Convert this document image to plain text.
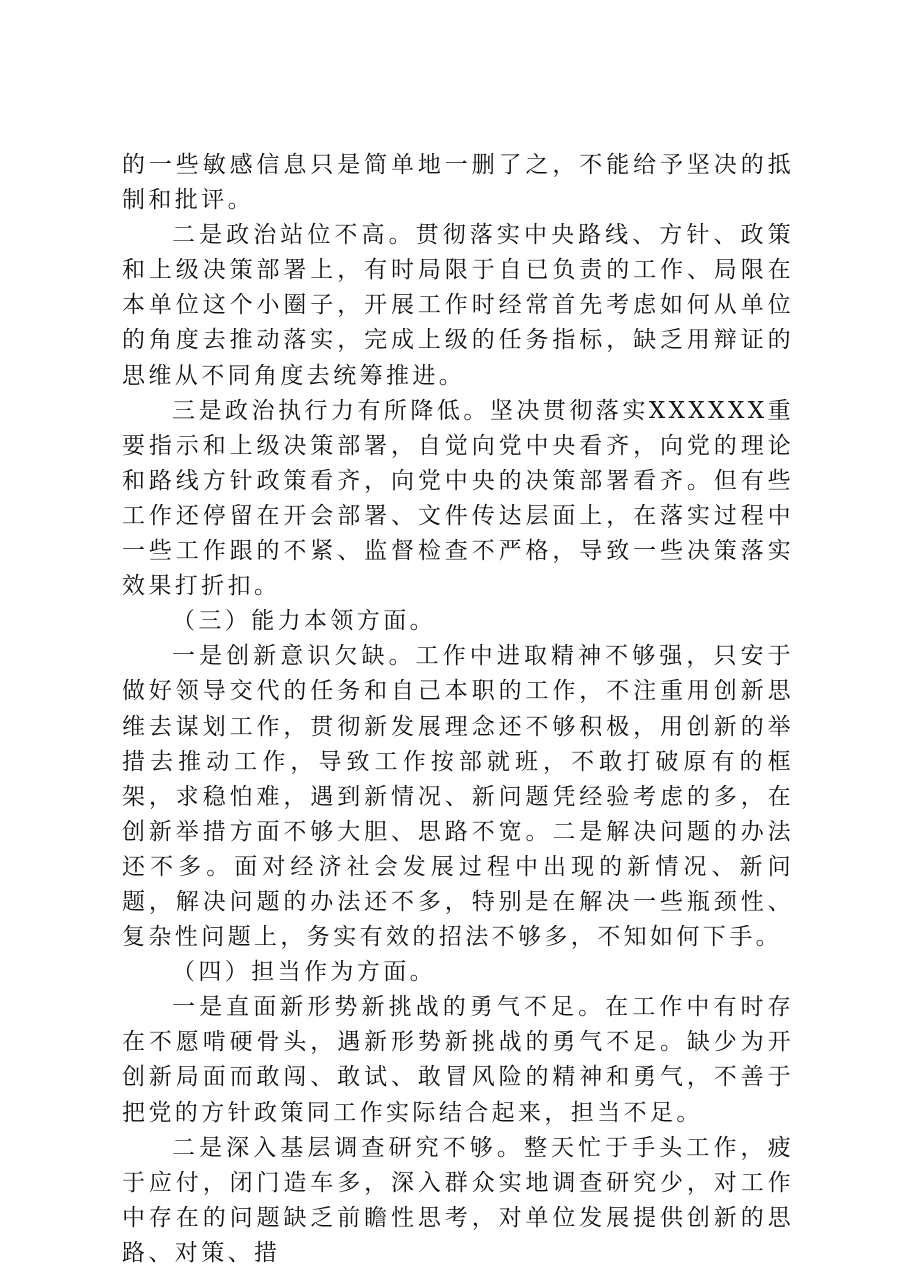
的一些敏感信息只是简单地一删了之，不能给予坚决的抵制和批评。

二是政治站位不高。贯彻落实中央路线、方针、政策和上级决策部署上，有时局限于自已负责的工作、局限在本单位这个小圈子，开展工作时经常首先考虑如何从单位的角度去推动落实，完成上级的任务指标，缺乏用辩证的思维从不同角度去统筹推进。

三是政治执行力有所降低。坚决贯彻落实XXXXXX重要指示和上级决策部署，自觉向党中央看齐，向党的理论和路线方针政策看齐，向党中央的决策部署看齐。但有些工作还停留在开会部署、文件传达层面上，在落实过程中一些工作跟的不紧、监督检查不严格，导致一些决策落实效果打折扣。

（三）能力本领方面。

一是创新意识欠缺。工作中进取精神不够强，只安于做好领导交代的任务和自己本职的工作，不注重用创新思维去谋划工作，贯彻新发展理念还不够积极，用创新的举措去推动工作，导致工作按部就班，不敢打破原有的框架，求稳怕难，遇到新情况、新问题凭经验考虑的多，在创新举措方面不够大胆、思路不宽。二是解决问题的办法还不多。面对经济社会发展过程中出现的新情况、新问题，解决问题的办法还不多，特别是在解决一些瓶颈性、复杂性问题上，务实有效的招法不够多，不知如何下手。

（四）担当作为方面。

一是直面新形势新挑战的勇气不足。在工作中有时存在不愿啃硬骨头，遇新形势新挑战的勇气不足。缺少为开创新局面而敢闯、敢试、敢冒风险的精神和勇气，不善于把党的方针政策同工作实际结合起来，担当不足。

二是深入基层调查研究不够。整天忙于手头工作，疲于应付，闭门造车多，深入群众实地调查研究少，对工作中存在的问题缺乏前瞻性思考，对单位发展提供创新的思路、对策、措
